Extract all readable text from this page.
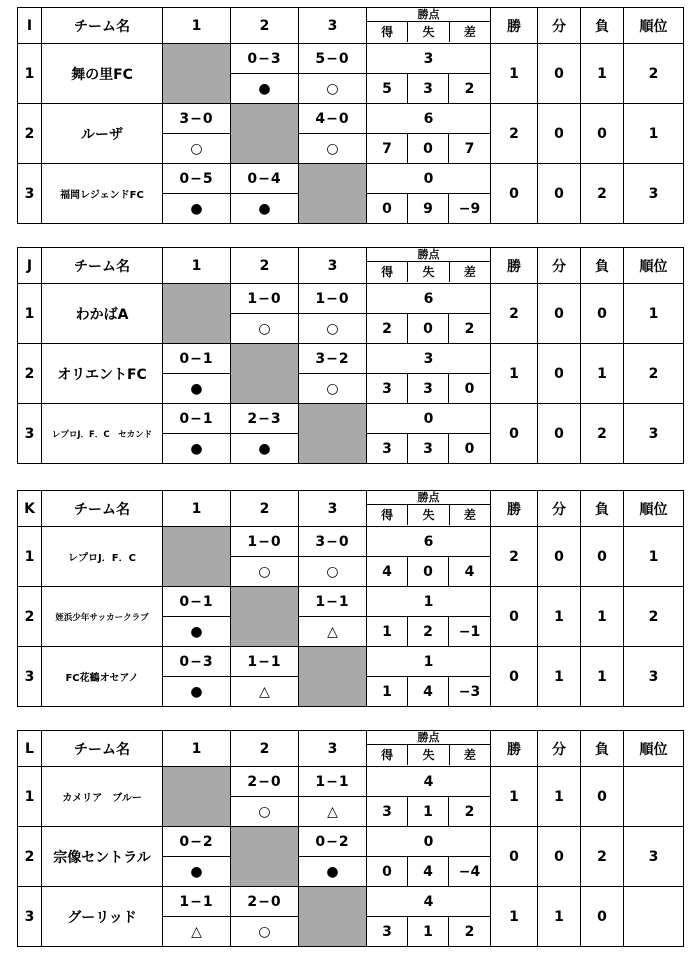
I	チーム名	1	2	3	勝点
得 失 差			勝	分	負	順位
1	舞の里FC		0−3	5−0	3			1	0	1	2
			●	○	5	3	2				
2	ルーザ	3−0		4−0	6			2	0	0	1
		○		○	7	0	7				
3	福岡レジェンドFC	0−5	0−4		0			0	0	2	3
		●	●		0	9	−9				
J	チーム名	1	2	3	勝点
得 失 差			勝	分	負	順位
1	わかばA		1−0	1−0	6			2	0	0	1
			○	○	2	0	2				
2	オリエントFC	0−1		3−2	3			1	0	1	2
		●		○	3	3	0				
3	レプロJ．F．C　セカンド	0−1	2−3		0			0	0	2	3
		●	●		3	3	0				
K	チーム名	1	2	3	勝点
得 失 差			勝	分	負	順位
1	レプロJ．F．C		1−0	3−0	6			2	0	0	1
			○	○	4	0	4				
2	姪浜少年サッカークラブ	0−1		1−1	1			0	1	1	2
		●		△	1	2	−1				
3	FC花鶴オセアノ	0−3	1−1		1			0	1	1	3
		●	△		1	4	−3				
L	チーム名	1	2	3	勝点
得 失 差			勝	分	負	順位
1	カメリア　ブルー		2−0	1−1	4			1	1	0	
			○	△	3	1	2				
2	宗像セントラル	0−2		0−2	0			0	0	2	3
		●		●	0	4	−4				
3	グーリッド	1−1	2−0		4			1	1	0	
		△	○		3	1	2				
